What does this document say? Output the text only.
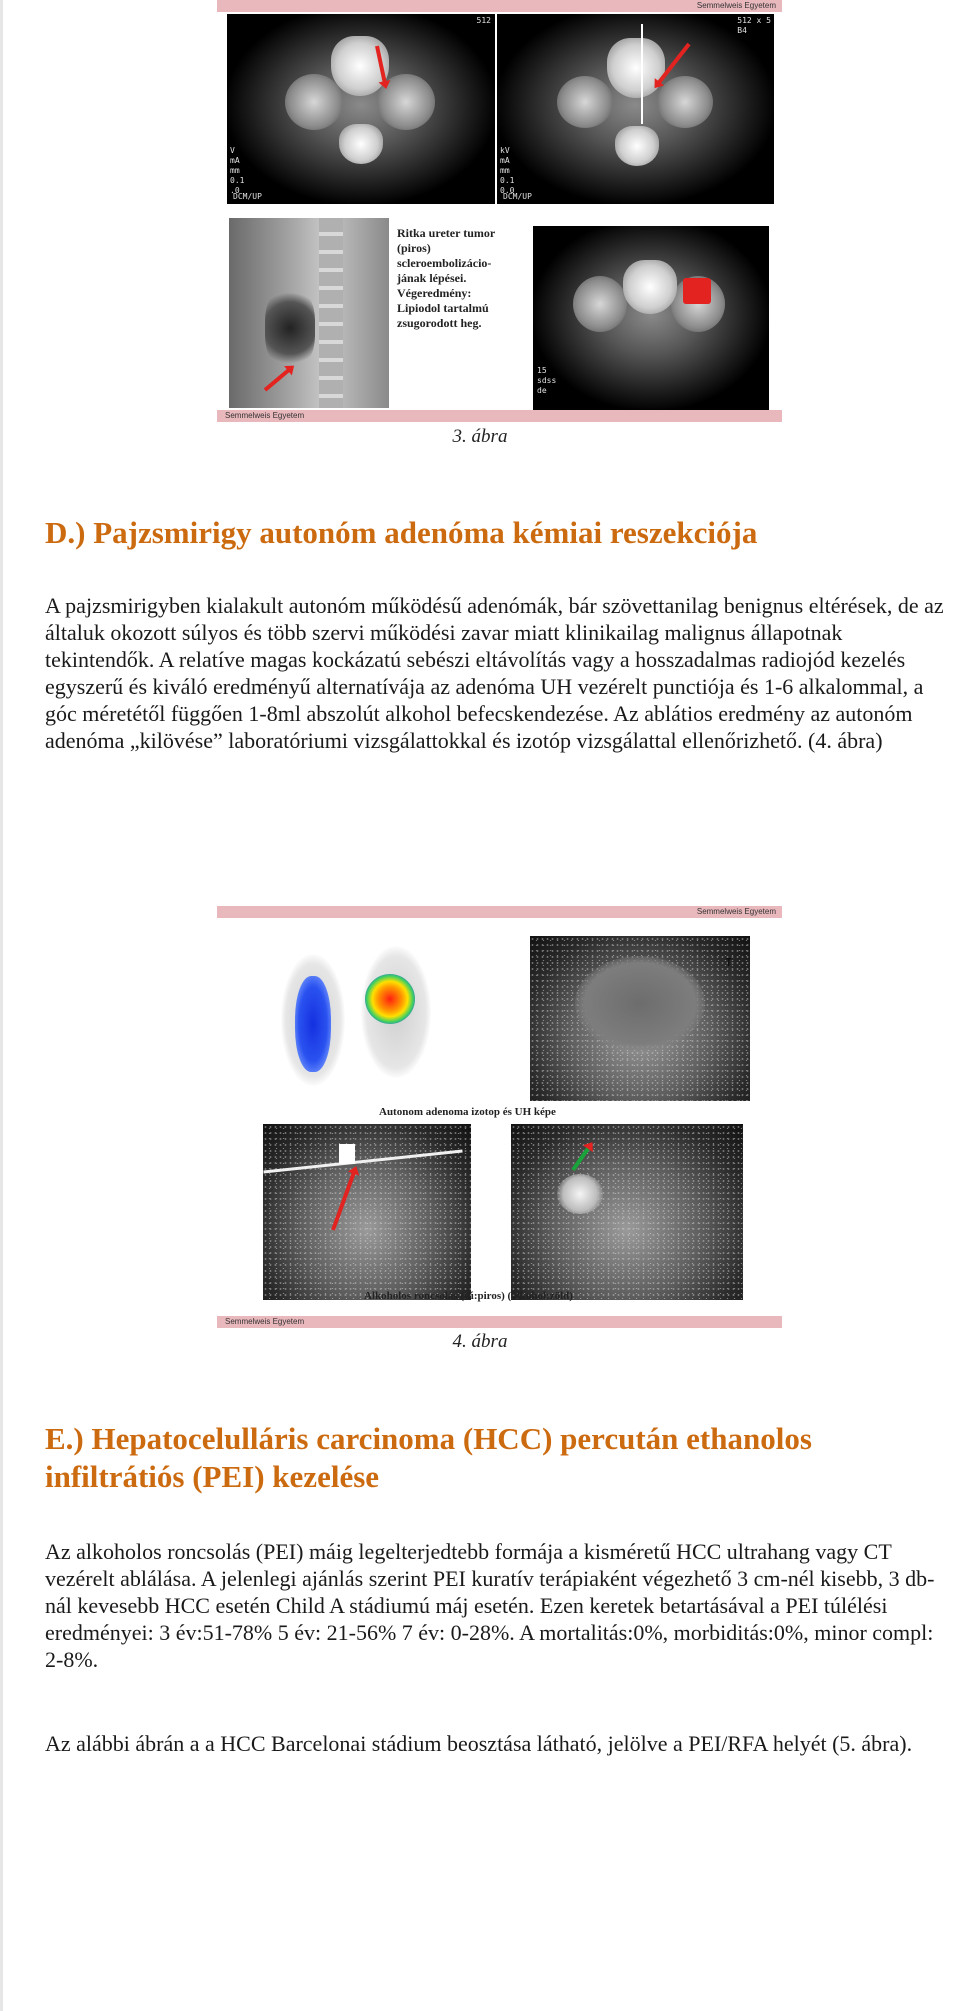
Semmelweis Egyetem
V
mA
mm
0.1
.0
512
DCM/UP
kV
mA
mm
0.1
0.0
512 x 5
B4
DCM/UP
Ritka ureter tumor (piros) scleroembolizácio-jának lépései. Végeredmény: Lipiodol tartalmú zsugorodott heg.
15
sdss
de
Semmelweis Egyetem
3. ábra
D.) Pajzsmirigy autonóm adenóma kémiai reszekciója

A pajzsmirigyben kialakult autonóm működésű adenómák, bár szövettanilag benignus eltérések, de az általuk okozott súlyos és több szervi működési zavar miatt klinikailag malignus állapotnak tekintendők. A relatíve magas kockázatú sebészi eltávolítás vagy a hosszadalmas radiojód kezelés egyszerű és kiváló eredményű alternatívája az adenóma UH vezérelt punctiója és 1-6 alkalommal, a góc méretétől függően 1-8ml abszolút alkohol befecskendezése. Az ablátios eredmény az autonóm adenóma „kilövése” laboratóriumi vizsgálattokkal és izotóp vizsgálattal ellenőrizhető. (4. ábra)

Semmelweis Egyetem
T
Autonom adenoma izotop és UH képe
Alkoholos roncsolás (tű:piros) (alkohol:zöld)
Semmelweis Egyetem
4. ábra
E.) Hepatocelulláris carcinoma (HCC) percután ethanolos infiltrátiós (PEI) kezelése

Az alkoholos roncsolás (PEI) máig legelterjedtebb formája a kisméretű HCC ultrahang vagy CT vezérelt ablálása. A jelenlegi ajánlás szerint PEI kuratív terápiaként végezhető 3 cm-nél kisebb, 3 db-nál kevesebb HCC esetén Child A stádiumú máj esetén. Ezen keretek betartásával a PEI túlélési eredményei: 3 év:51-78% 5 év: 21-56% 7 év: 0-28%. A mortalitás:0%, morbiditás:0%, minor compl: 2-8%.

Az alábbi ábrán a a HCC Barcelonai stádium beosztása látható, jelölve a PEI/RFA helyét (5. ábra).
